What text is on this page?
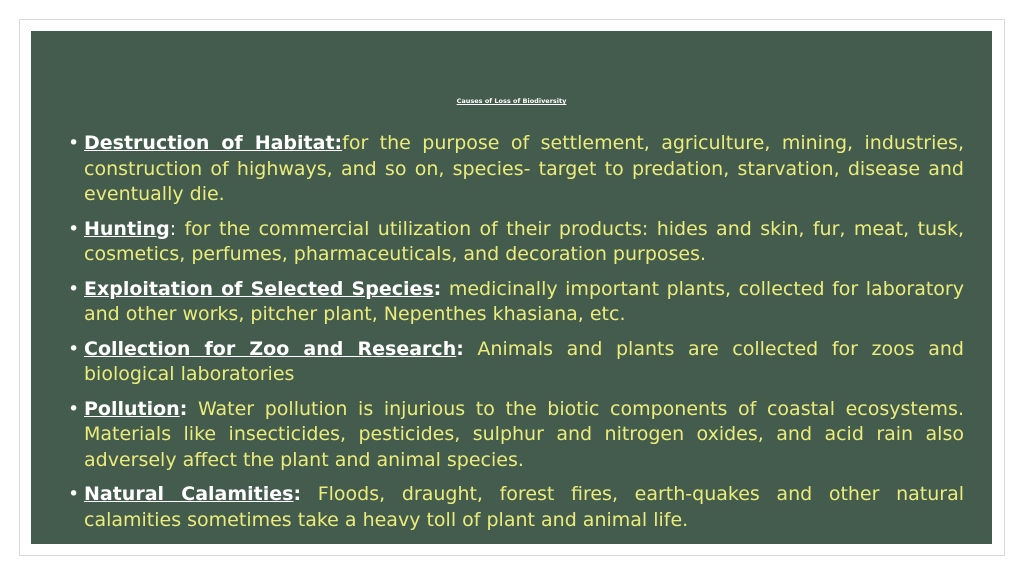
Causes of Loss of Biodiversity
• Destruction of Habitat:for the purpose of settlement, agriculture, mining, industries, construction of highways, and so on, species- target to predation, starvation, disease and eventually die.
• Hunting: for the commercial utilization of their products: hides and skin, fur, meat, tusk, cosmetics, perfumes, pharmaceuticals, and decoration purposes.
• Exploitation of Selected Species: medicinally important plants, collected for laboratory and other works, pitcher plant, Nepenthes khasiana, etc.
• Collection for Zoo and Research: Animals and plants are collected for zoos and biological laboratories
• Pollution: Water pollution is injurious to the biotic components of coastal ecosystems. Materials like insecticides, pesticides, sulphur and nitrogen oxides, and acid rain also adversely affect the plant and animal species.
• Natural Calamities: Floods, draught, forest fires, earth-quakes and other natural calamities sometimes take a heavy toll of plant and animal life.
